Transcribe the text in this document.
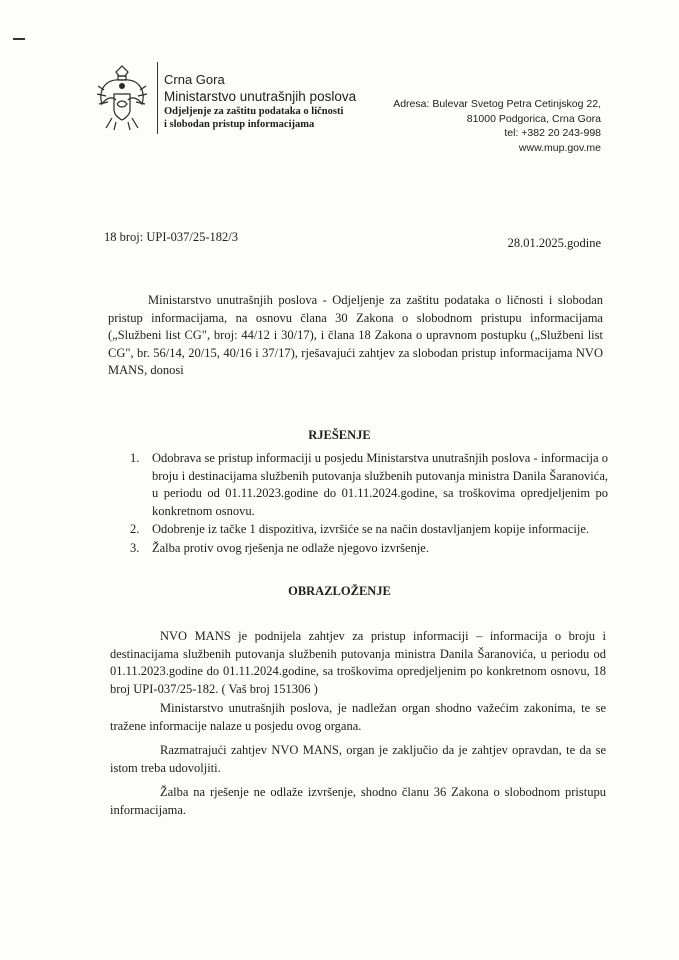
Crna Gora
Ministarstvo unutrašnjih poslova
Odjeljenje za zaštitu podataka o ličnosti
i slobodan pristup informacijama
Adresa: Bulevar Svetog Petra Cetinjskog 22,
81000 Podgorica, Crna Gora
tel: +382 20 243-998
www.mup.gov.me
18 broj: UPI-037/25-182/3	28.01.2025.godine

Ministarstvo unutrašnjih poslova - Odjeljenje za zaštitu podataka o ličnosti i slobodan pristup informacijama, na osnovu člana 30 Zakona o slobodnom pristupu informacijama („Službeni list CG", broj: 44/12 i 30/17), i člana 18 Zakona o upravnom postupku („Službeni list CG", br. 56/14, 20/15, 40/16 i 37/17), rješavajući zahtjev za slobodan pristup informacijama NVO MANS, donosi

RJEŠENJE
1. Odobrava se pristup informaciji u posjedu Ministarstva unutrašnjih poslova - informacija o broju i destinacijama službenih putovanja službenih putovanja ministra Danila Šaranovića, u periodu od 01.11.2023.godine do 01.11.2024.godine, sa troškovima opredjeljenim po konkretnom osnovu.
2. Odobrenje iz tačke 1 dispozitiva, izvršiće se na način dostavljanjem kopije informacije.
3. Žalba protiv ovog rješenja ne odlaže njegovo izvršenje.
OBRAZLOŽENJE

NVO MANS je podnijela zahtjev za pristup informaciji – informacija o broju i destinacijama službenih putovanja službenih putovanja ministra Danila Šaranovića, u periodu od 01.11.2023.godine do 01.11.2024.godine, sa troškovima opredjeljenim po konkretnom osnovu, 18 broj UPI-037/25-182. ( Vaš broj 151306 )

Ministarstvo unutrašnjih poslova, je nadležan organ shodno važećim zakonima, te se tražene informacije nalaze u posjedu ovog organa.

Razmatrajući zahtjev NVO MANS, organ je zaključio da je zahtjev opravdan, te da se istom treba udovoljiti.

Žalba na rješenje ne odlaže izvršenje, shodno članu 36 Zakona o slobodnom pristupu informacijama.
